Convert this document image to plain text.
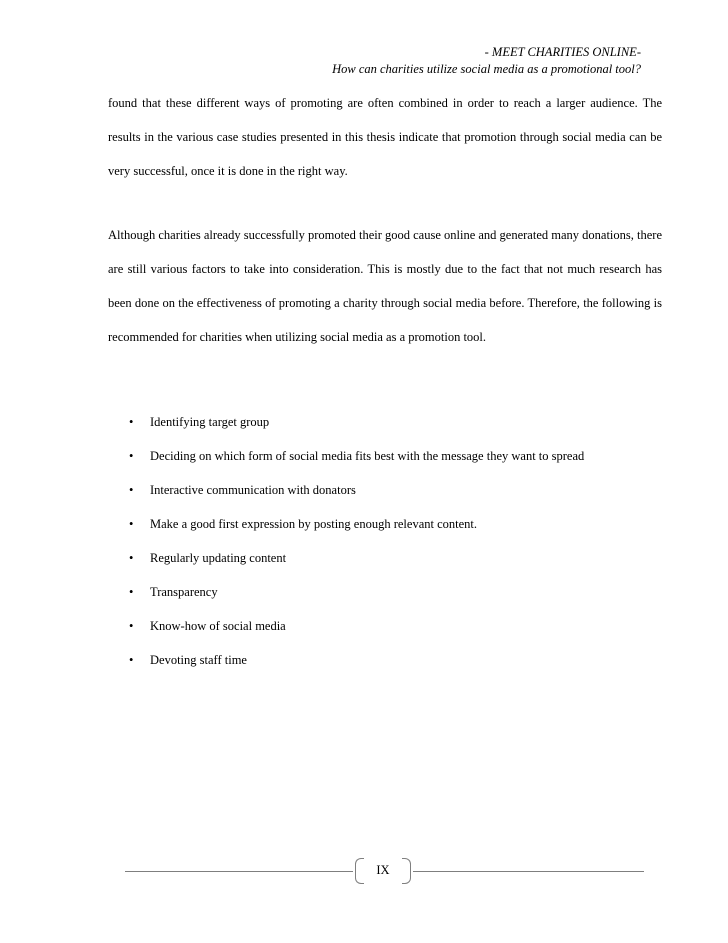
- MEET CHARITIES ONLINE-
How can charities utilize social media as a promotional tool?

found that these different ways of promoting are often combined in order to reach a larger audience. The results in the various case studies presented in this thesis indicate that promotion through social media can be very successful, once it is done in the right way.

Although charities already successfully promoted their good cause online and generated many donations, there are still various factors to take into consideration. This is mostly due to the fact that not much research has been done on the effectiveness of promoting a charity through social media before. Therefore, the following is recommended for charities when utilizing social media as a promotion tool.

• Identifying target group
• Deciding on which form of social media fits best with the message they want to spread
• Interactive communication with donators
• Make a good first expression by posting enough relevant content.
• Regularly updating content
• Transparency
• Know-how of social media
• Devoting staff time
IX
